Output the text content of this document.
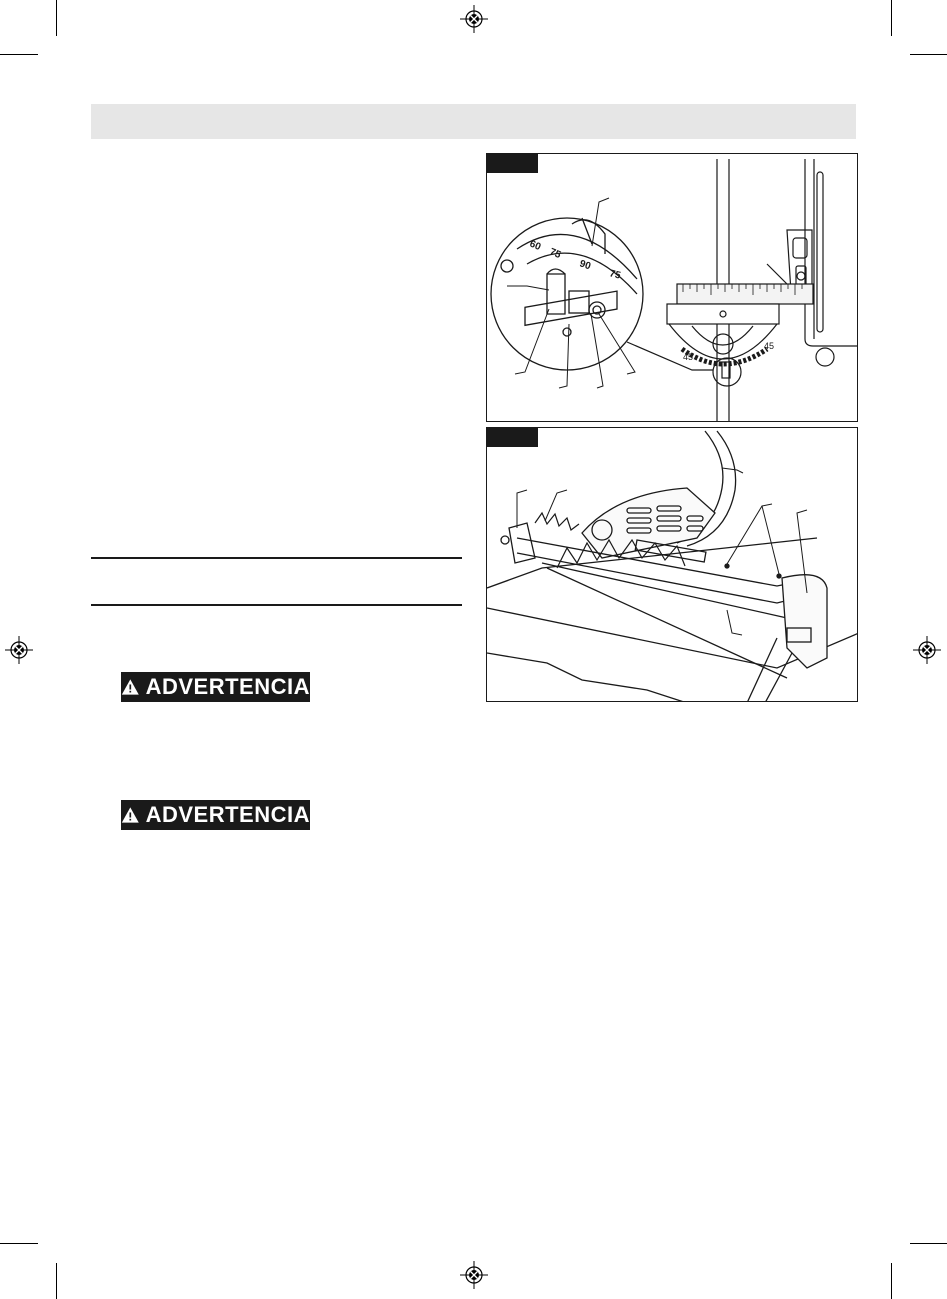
ADVERTENCIA
ADVERTENCIA
45
45
60
75
90
75
